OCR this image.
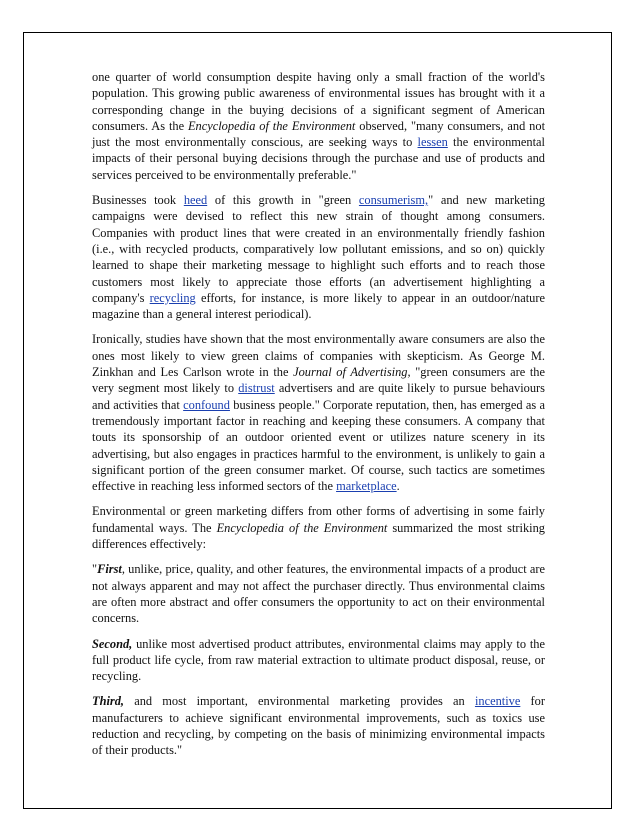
one quarter of world consumption despite having only a small fraction of the world's population. This growing public awareness of environmental issues has brought with it a corresponding change in the buying decisions of a significant segment of American consumers. As the Encyclopedia of the Environment observed, "many consumers, and not just the most environmentally conscious, are seeking ways to lessen the environmental impacts of their personal buying decisions through the purchase and use of products and services perceived to be environmentally preferable."

Businesses took heed of this growth in "green consumerism," and new marketing campaigns were devised to reflect this new strain of thought among consumers. Companies with product lines that were created in an environmentally friendly fashion (i.e., with recycled products, comparatively low pollutant emissions, and so on) quickly learned to shape their marketing message to highlight such efforts and to reach those customers most likely to appreciate those efforts (an advertisement highlighting a company's recycling efforts, for instance, is more likely to appear in an outdoor/nature magazine than a general interest periodical).

Ironically, studies have shown that the most environmentally aware consumers are also the ones most likely to view green claims of companies with skepticism. As George M. Zinkhan and Les Carlson wrote in the Journal of Advertising, "green consumers are the very segment most likely to distrust advertisers and are quite likely to pursue behaviours and activities that confound business people." Corporate reputation, then, has emerged as a tremendously important factor in reaching and keeping these consumers. A company that touts its sponsorship of an outdoor oriented event or utilizes nature scenery in its advertising, but also engages in practices harmful to the environment, is unlikely to gain a significant portion of the green consumer market. Of course, such tactics are sometimes effective in reaching less informed sectors of the marketplace.

Environmental or green marketing differs from other forms of advertising in some fairly fundamental ways. The Encyclopedia of the Environment summarized the most striking differences effectively:

"First, unlike, price, quality, and other features, the environmental impacts of a product are not always apparent and may not affect the purchaser directly. Thus environmental claims are often more abstract and offer consumers the opportunity to act on their environmental concerns.

Second, unlike most advertised product attributes, environmental claims may apply to the full product life cycle, from raw material extraction to ultimate product disposal, reuse, or recycling.

Third, and most important, environmental marketing provides an incentive for manufacturers to achieve significant environmental improvements, such as toxics use reduction and recycling, by competing on the basis of minimizing environmental impacts of their products."
